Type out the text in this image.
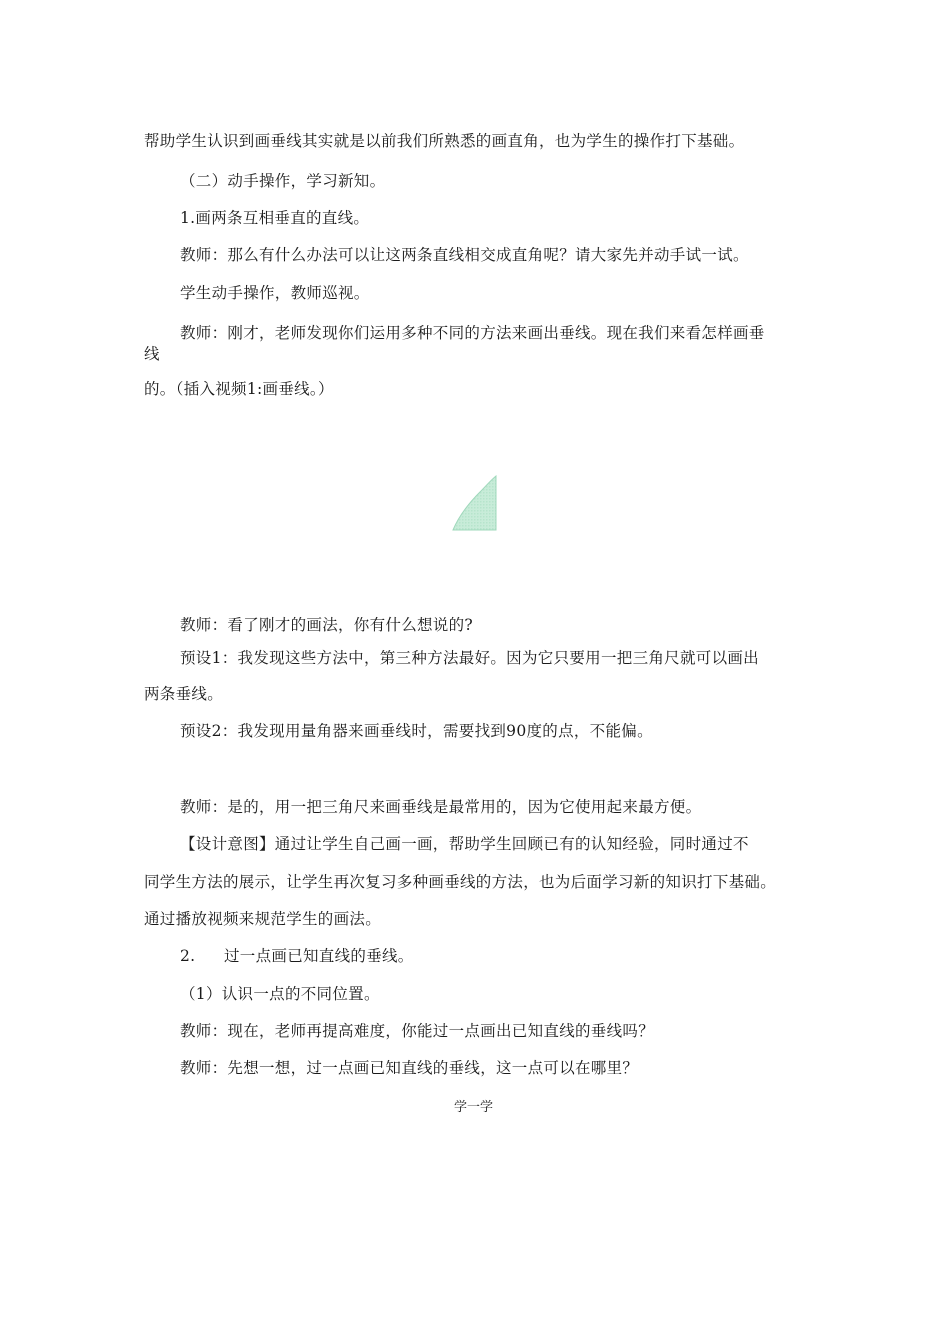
帮助学生认识到画垂线其实就是以前我们所熟悉的画直角，也为学生的操作打下基础。
（二）动手操作，学习新知。
1.画两条互相垂直的直线。
教师：那么有什么办法可以让这两条直线相交成直角呢？请大家先并动手试一试。
学生动手操作，教师巡视。
教师：刚才，老师发现你们运用多种不同的方法来画出垂线。现在我们来看怎样画垂
线
的。（插入视频1:画垂线。）
教师：看了刚才的画法，你有什么想说的?
预设1：我发现这些方法中，第三种方法最好。因为它只要用一把三角尺就可以画出
两条垂线。
预设2：我发现用量角器来画垂线时，需要找到90度的点，不能偏。
教师：是的，用一把三角尺来画垂线是最常用的，因为它使用起来最方便。
【设计意图】通过让学生自己画一画，帮助学生回顾已有的认知经验，同时通过不
同学生方法的展示，让学生再次复习多种画垂线的方法，也为后面学习新的知识打下基础。
通过播放视频来规范学生的画法。
2. 过一点画已知直线的垂线。
（1）认识一点的不同位置。
教师：现在，老师再提高难度，你能过一点画出已知直线的垂线吗？
教师：先想一想，过一点画已知直线的垂线，这一点可以在哪里？
学一学
